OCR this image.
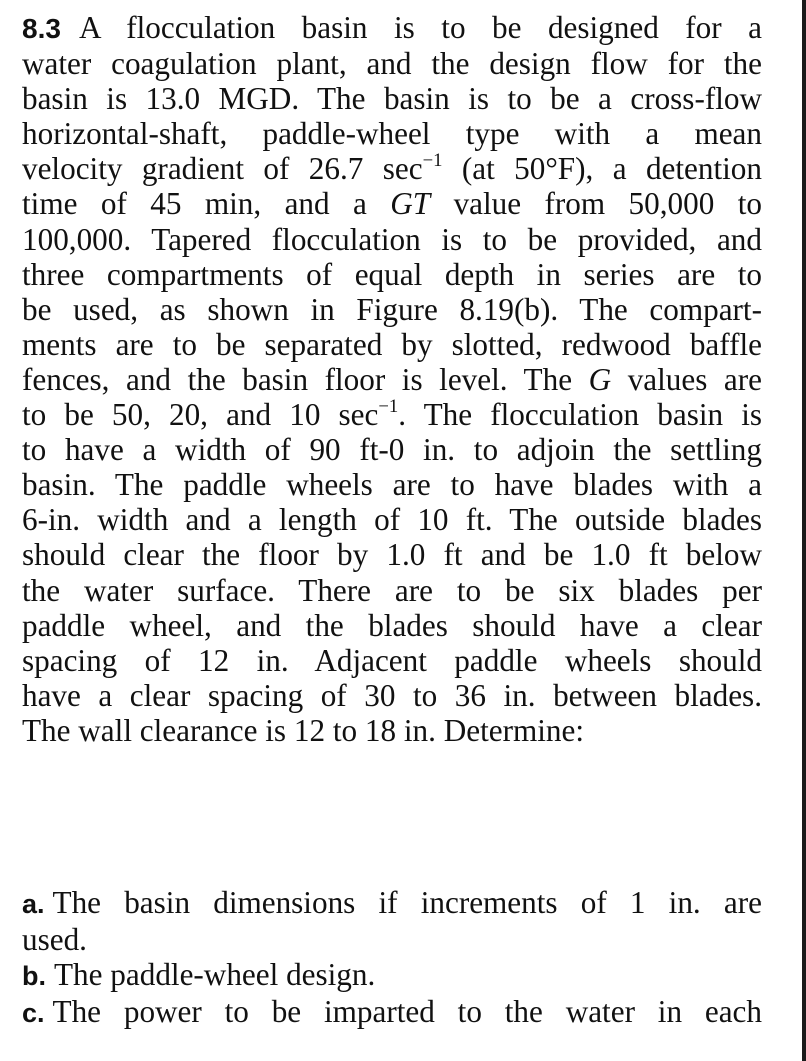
8.3 A flocculation basin is to be designed for a
water coagulation plant, and the design flow for the
basin is 13.0 MGD. The basin is to be a cross-flow
horizontal-shaft, paddle-wheel type with a mean
velocity gradient of 26.7 $\sec^{-1} (at$ 50°F), a detention
time of 45 min, and a GT value from 50,000 to
100,000. Tapered flocculation is to be provided, and
three compartments of equal depth in series are to
be used, as shown in Figure 8.19(b). The compart-
ments are to be separated by slotted, redwood baffle
fences, and the basin floor is level. The G values are
to be 50, 20, and 10 $\sec^{-1}$. The flocculation basin is
to have a width of 90 ft-0 in. to adjoin the settling
basin. The paddle wheels are to have blades with a
6-in. width and a length of 10 ft. The outside blades
should clear the floor by 1.0 ft and be 1.0 ft below
the water surface. There are to be six blades per
paddle wheel, and the blades should have a clear
spacing of 12 in. Adjacent paddle wheels should
have a clear spacing of 30 to 36 in. between blades.
The wall clearance is 12 to 18 in. Determine:
a. The basin dimensions if increments of 1 in. are
used.
b. The paddle-wheel design.
c. The power to be imparted to the water in each
